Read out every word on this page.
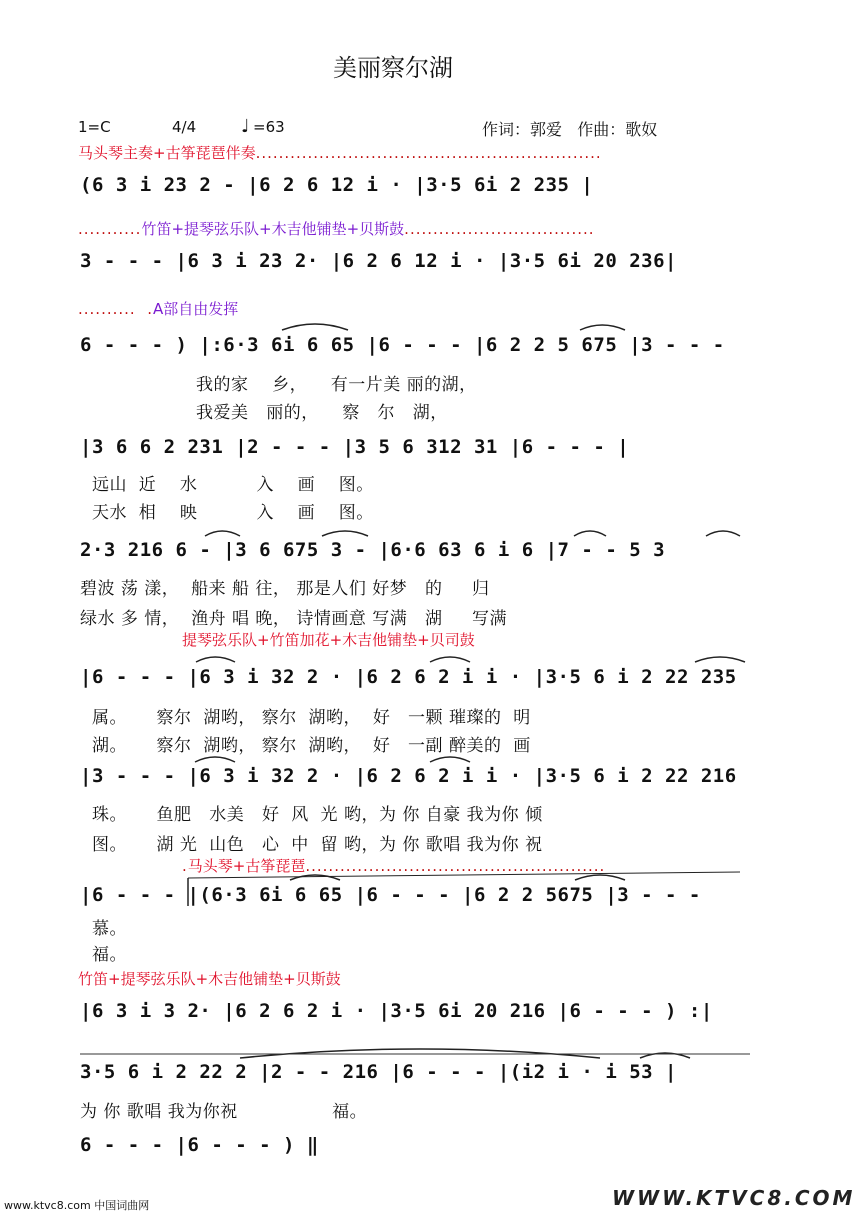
美丽察尔湖
1=C	4/4 ♩ =63	作词：郭爱   作曲：歌奴
马头琴主奏+古筝琵琶伴奏............................................................
...........竹笛+提琴弦乐队+木吉他铺垫+贝斯鼓.................................
..........  .A部自由发挥
提琴弦乐队+竹笛加花+木吉他铺垫+贝司鼓
.马头琴+古筝琵琶....................................................
竹笛+提琴弦乐队+木吉他铺垫+贝斯鼓
(6 3 i 23 2 - |6 2 6 12 i · |3·5 6i 2 235 |
3 - - - |6 3 i 23 2· |6 2 6 12 i · |3·5 6i 20 236|
6 - - - ) |:6·3 6i 6 65 |6 - - - |6 2 2 5 675 |3 - - -
我的家    乡，    有一片美 丽的湖，
我爱美   丽的，    察   尔   湖，
|3 6 6 2 231 |2 - - - |3 5 6 312 31 |6 - - - |
远山  近    水          入    画    图。
天水  相    映          入    画    图。
2·3 216 6 - |3 6 675 3 - |6·6 63 6 i 6 |7 - - 5 3
碧波 荡 漾，  船来 船 往， 那是人们 好梦   的     归
绿水 多 情，  渔舟 唱 晚， 诗情画意 写满   湖     写满
|6 - - - |6 3 i 32 2 · |6 2 6 2 i i · |3·5 6 i 2 22 235
属。     察尔  湖哟， 察尔  湖哟，  好   一颗 璀璨的  明
湖。     察尔  湖哟， 察尔  湖哟，  好   一副 醉美的  画
|3 - - - |6 3 i 32 2 · |6 2 6 2 i i · |3·5 6 i 2 22 216
珠。     鱼肥   水美   好  风  光 哟，为 你 自豪 我为你 倾
图。     湖 光  山色   心  中  留 哟，为 你 歌唱 我为你 祝
|6 - - - |(6·3 6i 6 65 |6 - - - |6 2 2 5675 |3 - - -
慕。
福。
|6 3 i 3 2· |6 2 6 2 i · |3·5 6i 20 216 |6 - - - ) :|
3·5 6 i 2 22 2 |2 - - 216 |6 - - - |(i2 i · i 53 |
为 你 歌唱 我为你祝                福。
6 - - - |6 - - - ) ‖
www.ktvc8.com 中国词曲网	WWW.KTVC8.COM
